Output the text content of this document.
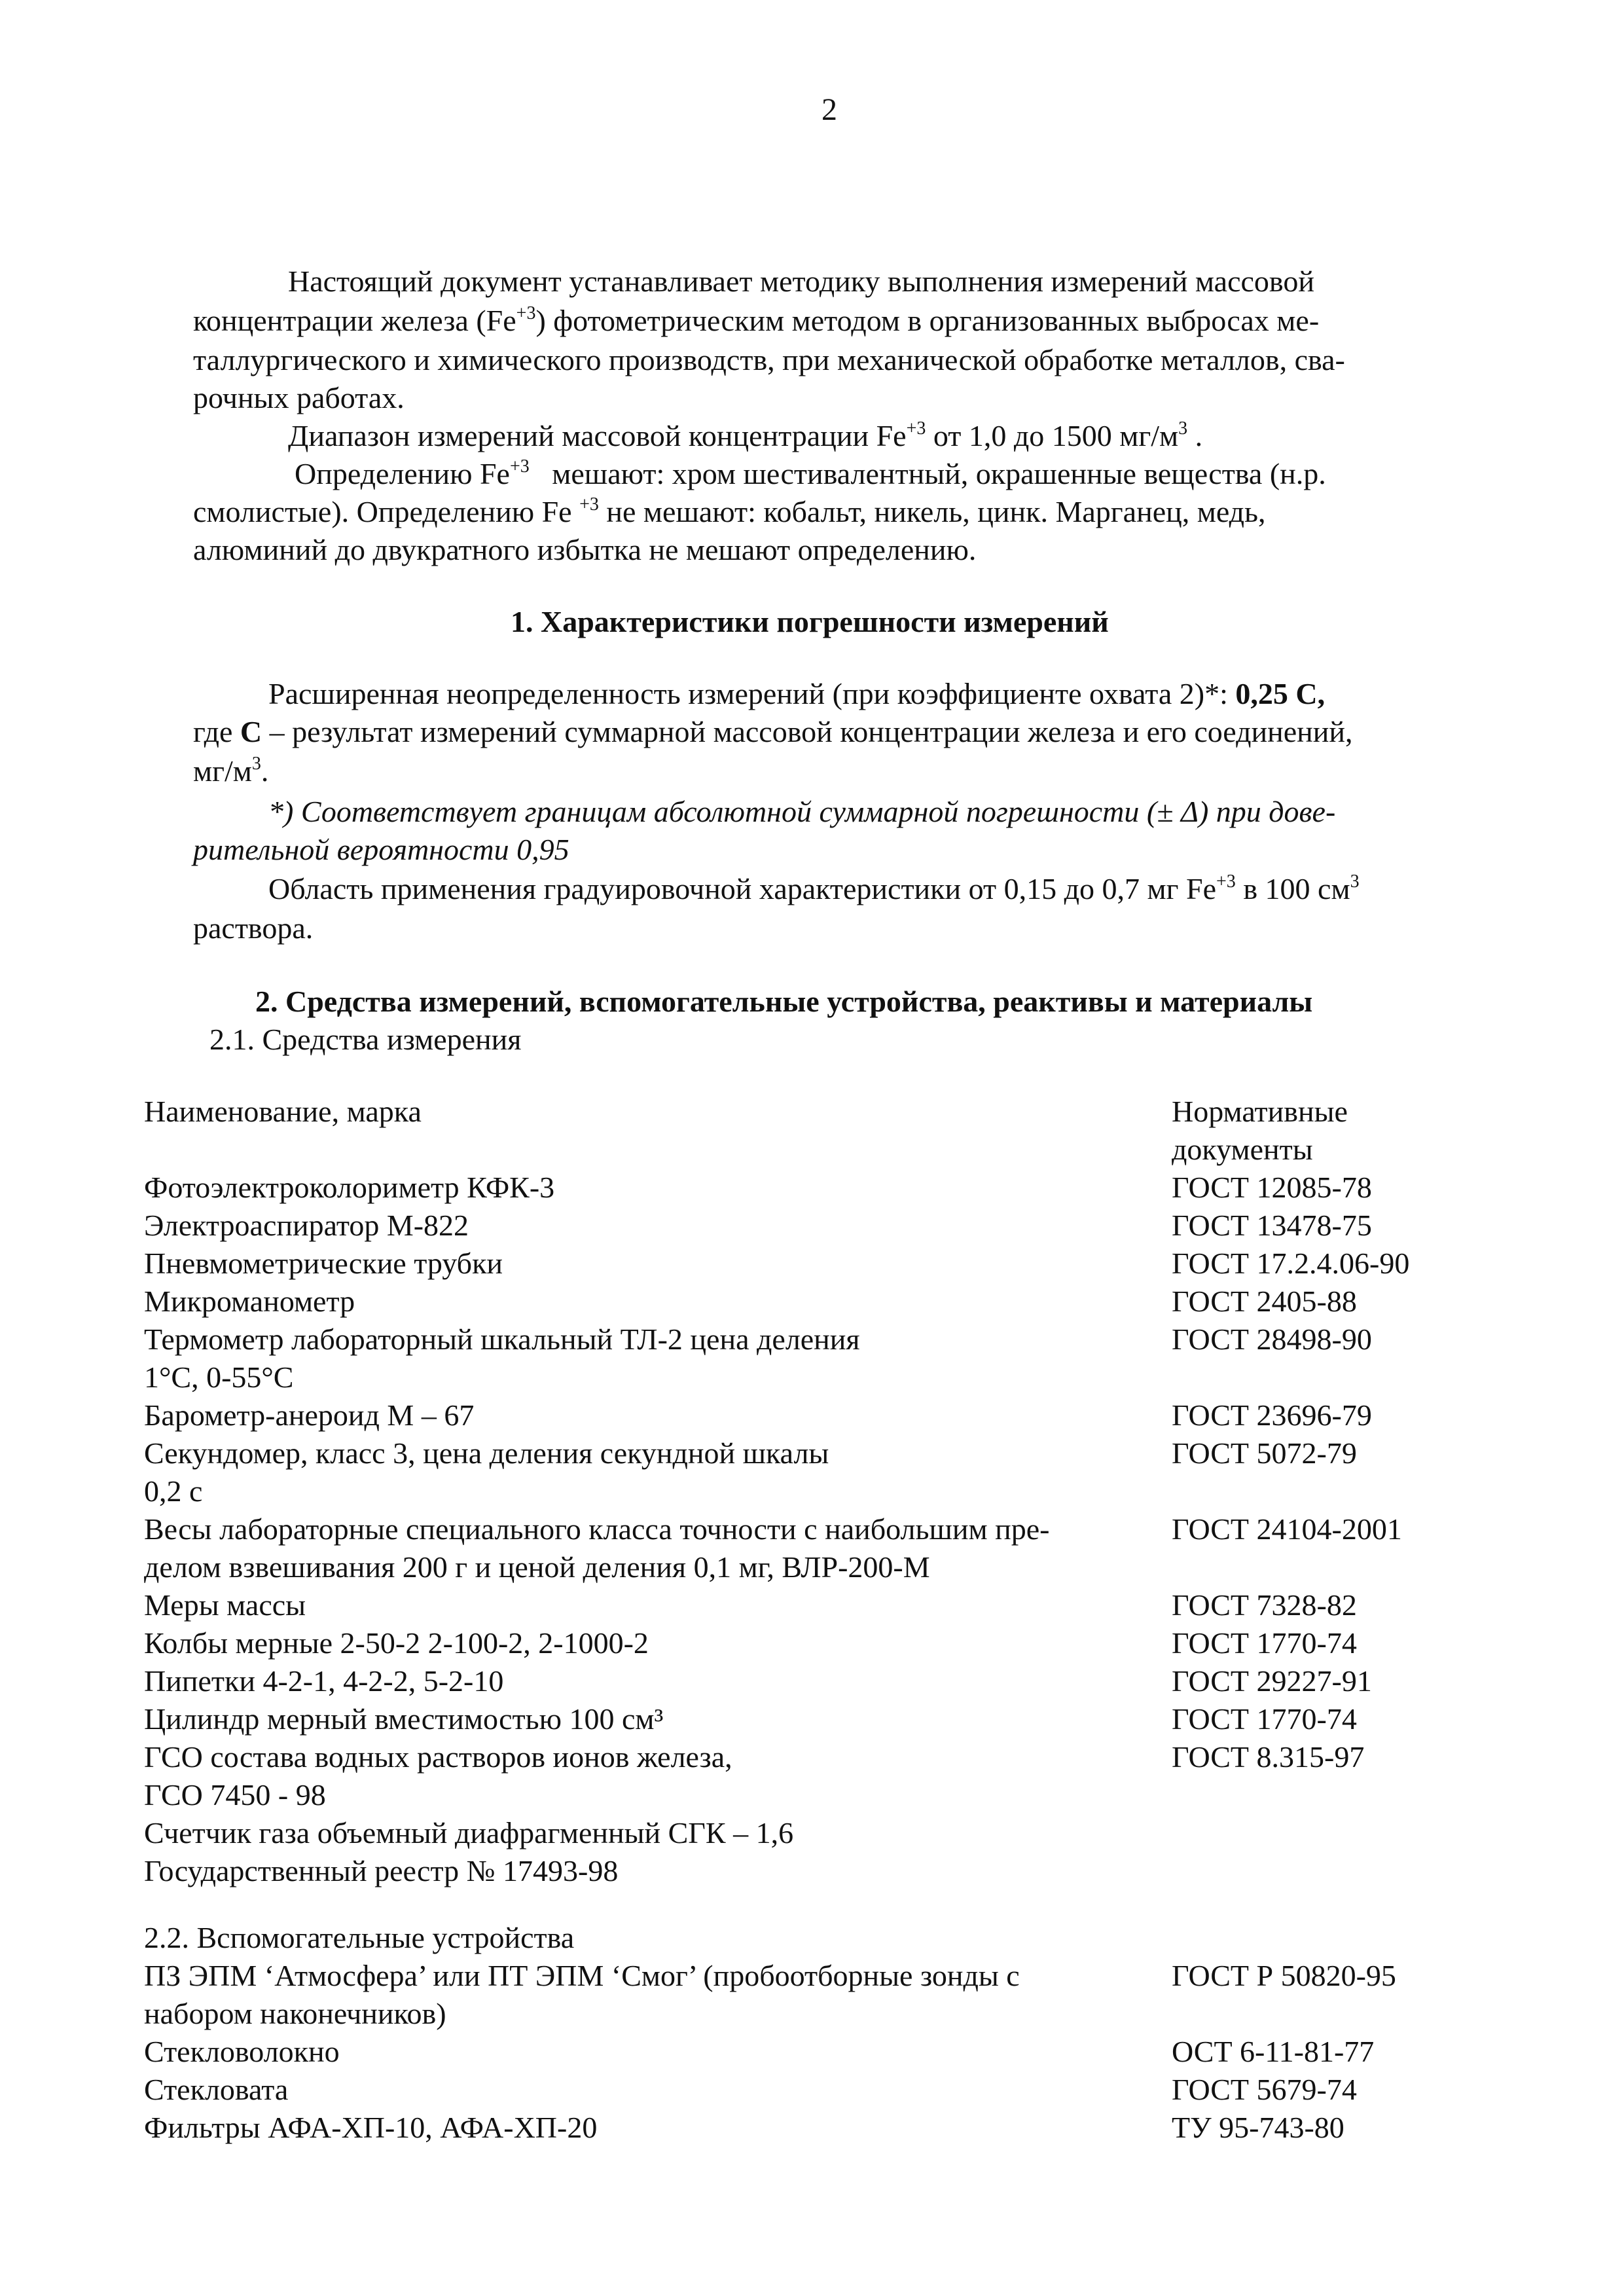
2
Настоящий документ устанавливает методику выполнения измерений массовой
концентрации железа $(Fe^{+3})$ фотометрическим методом в организованных выбросах ме-
таллургического и химического производств, при механической обработке металлов, сва-
рочных работах.
Диапазон измерений массовой концентрации $Fe^{+3}$ от 1,0 до 1500 $мг/м^3$ .
Определению $Fe^{+3}$ мешают: хром шестивалентный, окрашенные вещества (н.р.
смолистые). Определению Fe $^{+3}$ не мешают: кобальт, никель, цинк. Марганец, медь,
алюминий до двукратного избытка не мешают определению.
1. Характеристики погрешности измерений
Расширенная неопределенность измерений (при коэффициенте охвата 2)*: 0,25 С,
где С – результат измерений суммарной массовой концентрации железа и его соединений,
$мг/м^3$.
*) Соответствует границам абсолютной суммарной погрешности (± Δ) при дове-
рительной вероятности 0,95
Область применения градуировочной характеристики от 0,15 до 0,7 мг $Fe^{+3}$ в 100 $см^3$
раствора.
2. Средства измерений, вспомогательные устройства, реактивы и материалы
2.1. Средства измерения
Наименование, марка	Нормативные
документы
Фотоэлектроколориметр КФК-3	ГОСТ 12085-78
Электроаспиратор М-822	ГОСТ 13478-75
Пневмометрические трубки	ГОСТ 17.2.4.06-90
Микроманометр	ГОСТ 2405-88
Термометр лабораторный шкальный ТЛ-2 цена деления	ГОСТ 28498-90
1°С, 0-55°С
Барометр-анероид М – 67	ГОСТ 23696-79
Секундомер, класс 3, цена деления секундной шкалы	ГОСТ 5072-79
0,2 с
Весы лабораторные специального класса точности с наибольшим пре-	ГОСТ 24104-2001
делом взвешивания 200 г и ценой деления 0,1 мг, ВЛР-200-М
Меры массы	ГОСТ 7328-82
Колбы мерные 2-50-2 2-100-2, 2-1000-2	ГОСТ 1770-74
Пипетки 4-2-1, 4-2-2, 5-2-10	ГОСТ 29227-91
Цилиндр мерный вместимостью 100 см³	ГОСТ 1770-74
ГСО состава водных растворов ионов железа,	ГОСТ 8.315-97
ГСО 7450 - 98
Счетчик газа объемный диафрагменный СГК – 1,6
Государственный реестр № 17493-98
2.2. Вспомогательные устройства
ПЗ ЭПМ ‘Атмосфера’ или ПТ ЭПМ ‘Смог’ (пробоотборные зонды с	ГОСТ Р 50820-95
набором наконечников)
Стекловолокно	ОСТ 6-11-81-77
Стекловата	ГОСТ 5679-74
Фильтры АФА-ХП-10, АФА-ХП-20	ТУ 95-743-80
